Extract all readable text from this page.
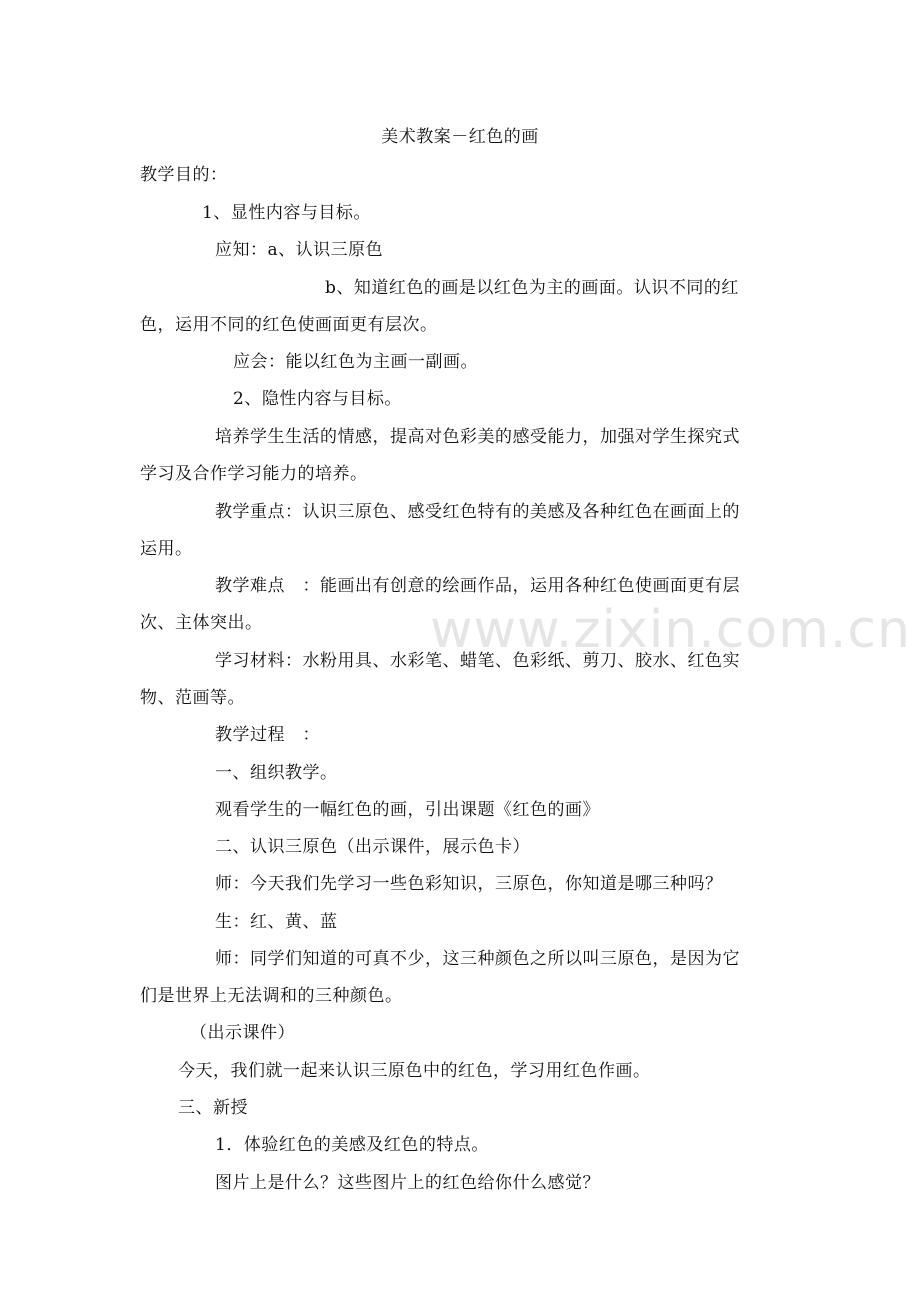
美术教案－红色的画
教学目的：
1、显性内容与目标。
应知：a、认识三原色
b、知道红色的画是以红色为主的画面。认识不同的红
色，运用不同的红色使画面更有层次。
应会：能以红色为主画一副画。
2、隐性内容与目标。
培养学生生活的情感，提高对色彩美的感受能力，加强对学生探究式
学习及合作学习能力的培养。
教学重点：认识三原色、感受红色特有的美感及各种红色在画面上的
运用。
教学难点　：能画出有创意的绘画作品，运用各种红色使画面更有层
次、主体突出。
学习材料：水粉用具、水彩笔、蜡笔、色彩纸、剪刀、胶水、红色实
物、范画等。
教学过程　：
一、组织教学。
观看学生的一幅红色的画，引出课题《红色的画》
二、认识三原色（出示课件，展示色卡）
师：今天我们先学习一些色彩知识，三原色，你知道是哪三种吗？
生：红、黄、蓝
师：同学们知道的可真不少，这三种颜色之所以叫三原色，是因为它
们是世界上无法调和的三种颜色。
（出示课件）
今天，我们就一起来认识三原色中的红色，学习用红色作画。
三、新授
1．体验红色的美感及红色的特点。
图片上是什么？这些图片上的红色给你什么感觉？
www.zixin.com.cn
